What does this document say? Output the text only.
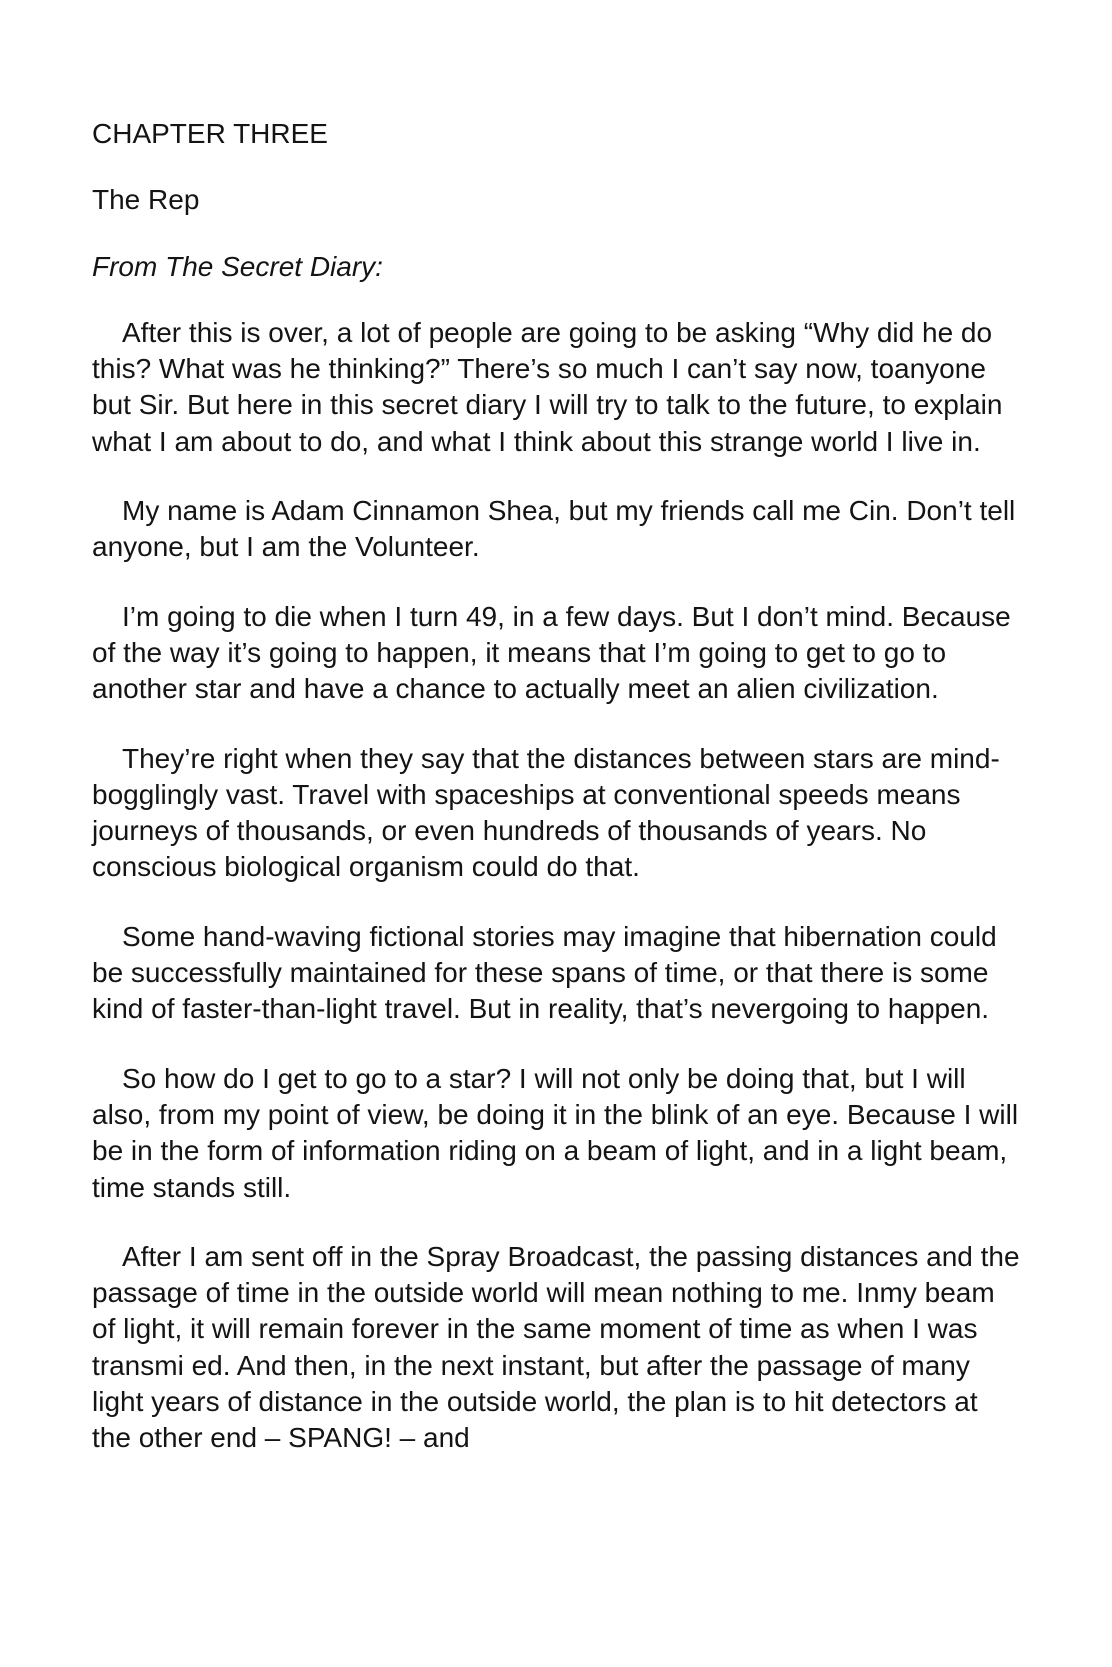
CHAPTER THREE
The Rep
From The Secret Diary:

After this is over, a lot of people are going to be asking “Why did he do this? What was he thinking?” There’s so much I can’t say now, toanyone but Sir. But here in this secret diary I will try to talk to the future, to explain what I am about to do, and what I think about this strange world I live in.

My name is Adam Cinnamon Shea, but my friends call me Cin. Don’t tell anyone, but I am the Volunteer.

I’m going to die when I turn 49, in a few days. But I don’t mind. Because of the way it’s going to happen, it means that I’m going to get to go to another star and have a chance to actually meet an alien civilization.

They’re right when they say that the distances between stars are mind-bogglingly vast. Travel with spaceships at conventional speeds means journeys of thousands, or even hundreds of thousands of years. No conscious biological organism could do that.

Some hand-waving fictional stories may imagine that hibernation could be successfully maintained for these spans of time, or that there is some kind of faster-than-light travel. But in reality, that’s nevergoing to happen.

So how do I get to go to a star? I will not only be doing that, but I will also, from my point of view, be doing it in the blink of an eye. Because I will be in the form of information riding on a beam of light, and in a light beam, time stands still.

After I am sent off in the Spray Broadcast, the passing distances and the passage of time in the outside world will mean nothing to me. Inmy beam of light, it will remain forever in the same moment of time as when I was transmi ed. And then, in the next instant, but after the passage of many light years of distance in the outside world, the plan is to hit detectors at the other end – SPANG! – and
